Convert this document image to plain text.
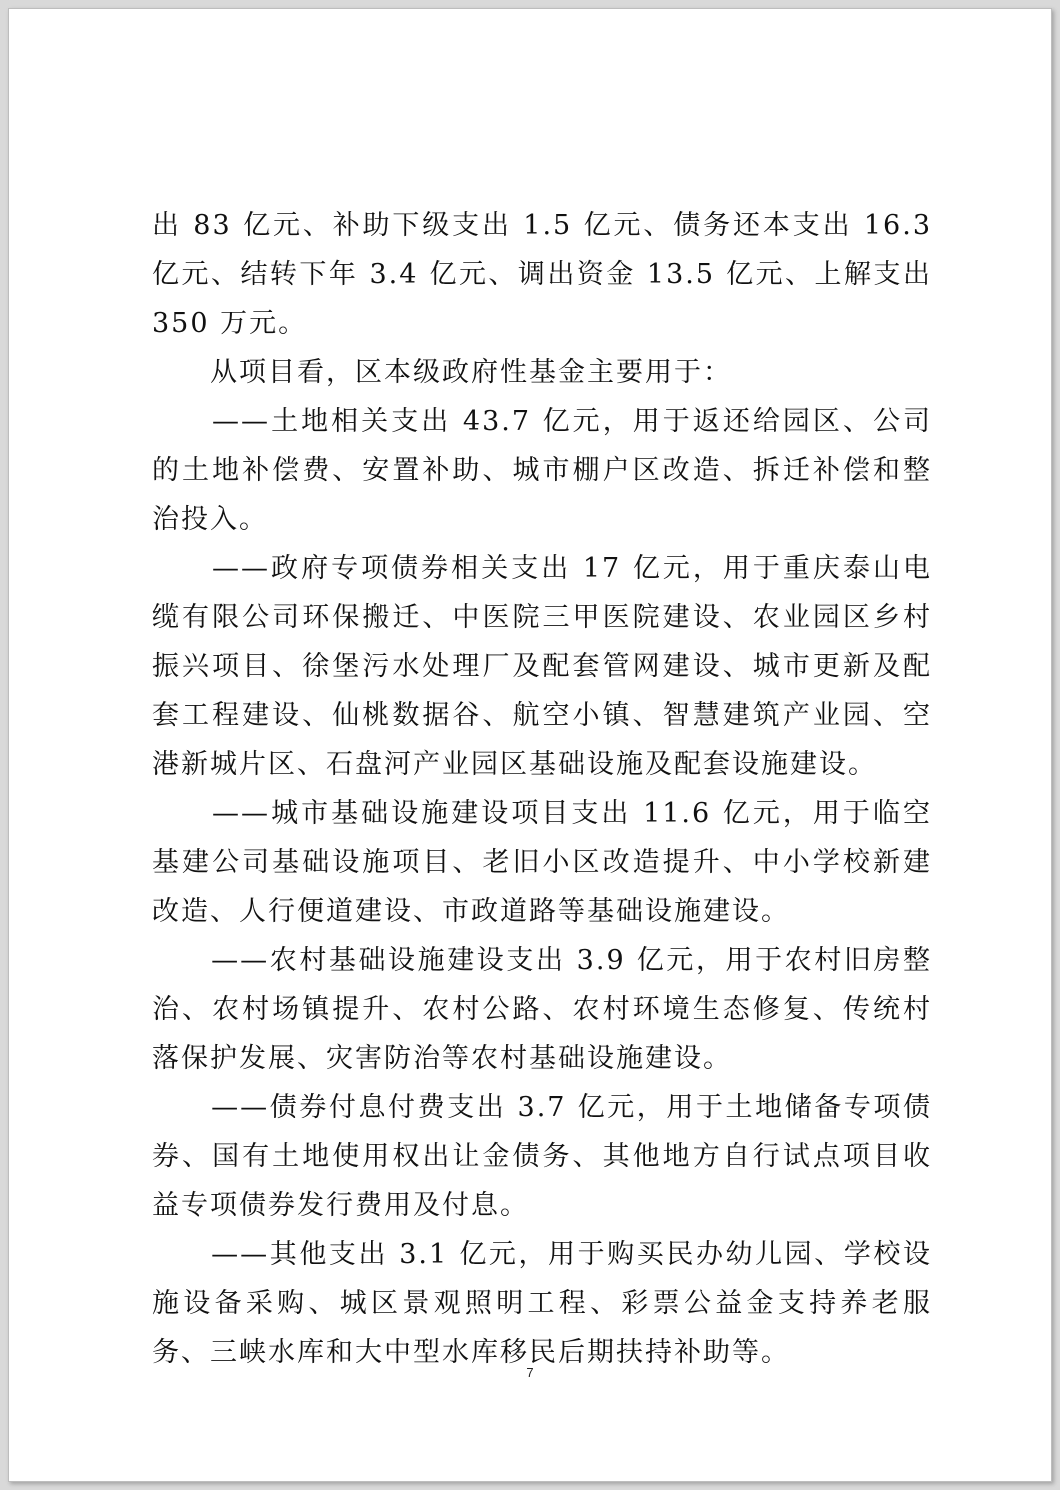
出 83 亿元、补助下级支出 1.5 亿元、债务还本支出 16.3 亿元、结转下年 3.4 亿元、调出资金 13.5 亿元、上解支出 350 万元。

　　从项目看，区本级政府性基金主要用于：

　　——土地相关支出 43.7 亿元，用于返还给园区、公司的土地补偿费、安置补助、城市棚户区改造、拆迁补偿和整治投入。

　　——政府专项债券相关支出 17 亿元，用于重庆泰山电缆有限公司环保搬迁、中医院三甲医院建设、农业园区乡村振兴项目、徐堡污水处理厂及配套管网建设、城市更新及配套工程建设、仙桃数据谷、航空小镇、智慧建筑产业园、空港新城片区、石盘河产业园区基础设施及配套设施建设。

　　——城市基础设施建设项目支出 11.6 亿元，用于临空基建公司基础设施项目、老旧小区改造提升、中小学校新建改造、人行便道建设、市政道路等基础设施建设。

　　——农村基础设施建设支出 3.9 亿元，用于农村旧房整治、农村场镇提升、农村公路、农村环境生态修复、传统村落保护发展、灾害防治等农村基础设施建设。

　　——债券付息付费支出 3.7 亿元，用于土地储备专项债券、国有土地使用权出让金债务、其他地方自行试点项目收益专项债券发行费用及付息。

　　——其他支出 3.1 亿元，用于购买民办幼儿园、学校设施设备采购、城区景观照明工程、彩票公益金支持养老服务、三峡水库和大中型水库移民后期扶持补助等。

7
